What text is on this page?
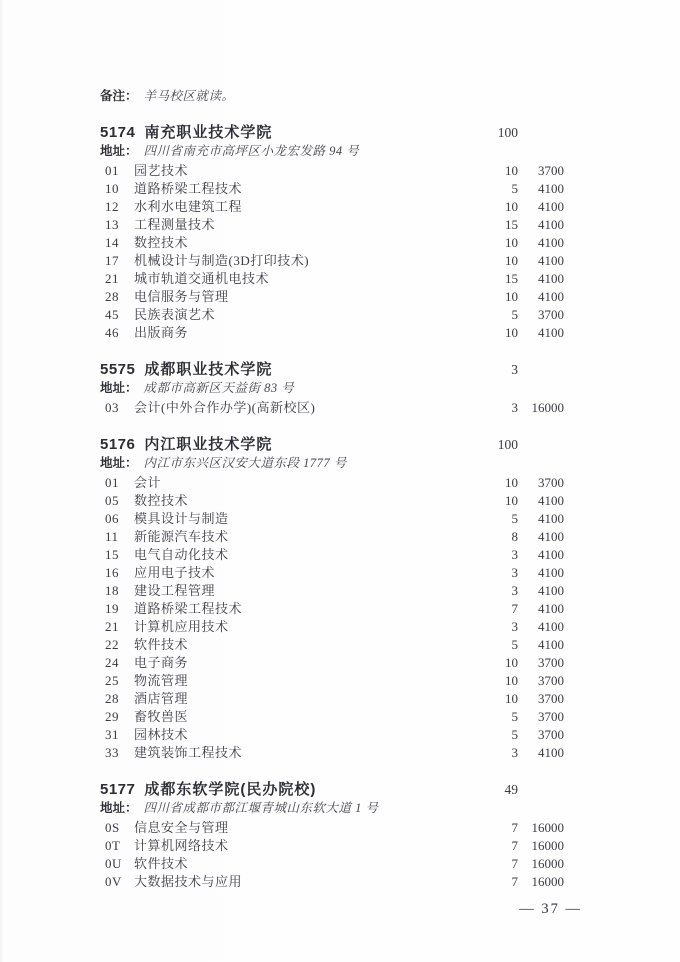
备注： 羊马校区就读。
5174 南充职业技术学院	100
地址： 四川省南充市高坪区小龙宏发路 94 号
01	园艺技术	10	3700
10	道路桥梁工程技术	5	4100
12	水利水电建筑工程	10	4100
13	工程测量技术	15	4100
14	数控技术	10	4100
17	机械设计与制造(3D打印技术)	10	4100
21	城市轨道交通机电技术	15	4100
28	电信服务与管理	10	4100
45	民族表演艺术	5	3700
46	出版商务	10	4100
5575 成都职业技术学院	3
地址： 成都市高新区天益街 83 号
03	会计(中外合作办学)(高新校区)	3	16000
5176 内江职业技术学院	100
地址： 内江市东兴区汉安大道东段 1777 号
01	会计	10	3700
05	数控技术	10	4100
06	模具设计与制造	5	4100
11	新能源汽车技术	8	4100
15	电气自动化技术	3	4100
16	应用电子技术	3	4100
18	建设工程管理	3	4100
19	道路桥梁工程技术	7	4100
21	计算机应用技术	3	4100
22	软件技术	5	4100
24	电子商务	10	3700
25	物流管理	10	3700
28	酒店管理	10	3700
29	畜牧兽医	5	3700
31	园林技术	5	3700
33	建筑装饰工程技术	3	4100
5177 成都东软学院(民办院校)	49
地址： 四川省成都市都江堰青城山东软大道 1 号
0S	信息安全与管理	7	16000
0T	计算机网络技术	7	16000
0U 软件技术	7	16000
0V 大数据技术与应用	7	16000
— 37 —
